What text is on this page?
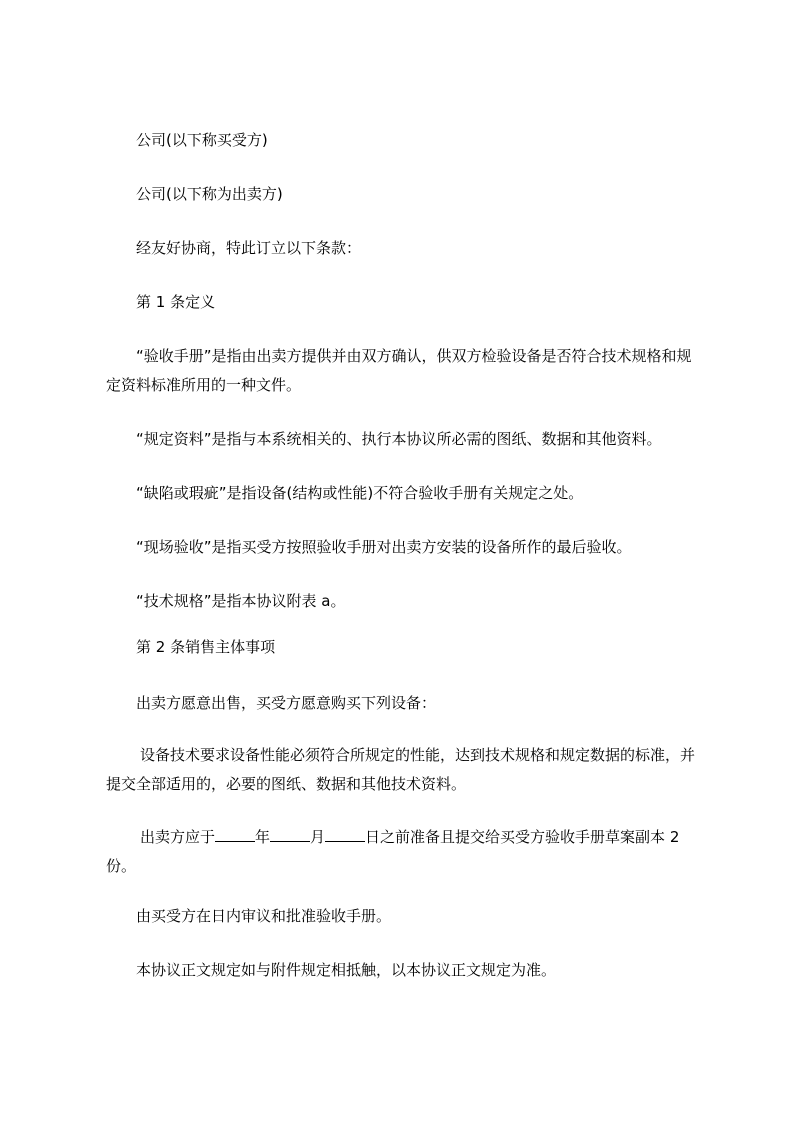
公司(以下称买受方)
公司(以下称为出卖方)
经友好协商，特此订立以下条款：
第 1 条定义
“验收手册”是指由出卖方提供并由双方确认，供双方检验设备是否符合技术规格和规定资料标准所用的一种文件。
“规定资料”是指与本系统相关的、执行本协议所必需的图纸、数据和其他资料。
“缺陷或瑕疵”是指设备(结构或性能)不符合验收手册有关规定之处。
“现场验收”是指买受方按照验收手册对出卖方安装的设备所作的最后验收。
“技术规格”是指本协议附表 a。
第 2 条销售主体事项
出卖方愿意出售，买受方愿意购买下列设备：
设备技术要求设备性能必须符合所规定的性能，达到技术规格和规定数据的标准，并提交全部适用的，必要的图纸、数据和其他技术资料。
出卖方应于	年	月	日之前准备且提交给买受方验收手册草案副本 2 份。
由买受方在日内审议和批准验收手册。
本协议正文规定如与附件规定相抵触，以本协议正文规定为准。
